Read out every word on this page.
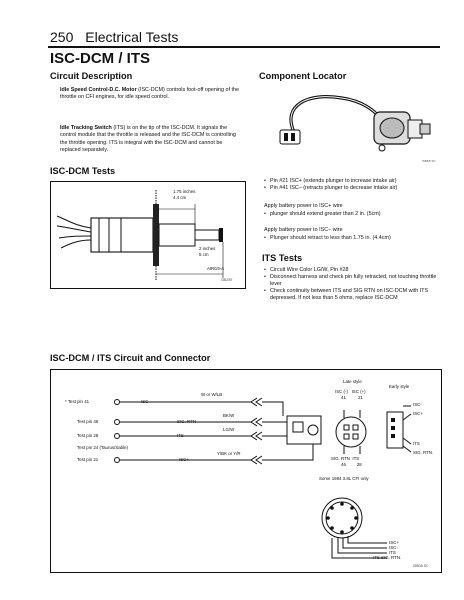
250 Electrical Tests
ISC-DCM / ITS
Circuit Description
Idle Speed Control-D.C. Motor (ISC-DCM) controls foot-off opening of the throttle on CFI engines, for idle speed control.
Idle Tracking Switch (ITS) is on the tip of the ISC-DCM. It signals the control module that the throttle is released and the ISC-DCM is controlling the throttle opening. ITS is integral with the ISC-DCM and cannot be replaced separately.
Component Locator
ISBD5 SC
ISC-DCM Tests
1.75 inches
4.4 cm
2 inches
5 cm
A9919-A
I3B2/5T
• Pin #21 ISC+ (extends plunger to increase intake air)
• Pin #41 ISC– (retracts plunger to decrease intake air)
Apply battery power to ISC+ wire
• plunger should extend greater than 2 in. (5cm)
Apply battery power to ISC– wire
• Plunger should retract to less than 1.75 in. (4.4cm)
ITS Tests
• Circuit Wire Color LG/W, Pin #28
• Disconnect harness and check pin fully retracted, not touching throttle lever
• Check continuity between ITS and SIG RTN on ISC-DCM with ITS depressed. If not less than 5 ohms, replace ISC-DCM
ISC-DCM / ITS Circuit and Connector
* Test pin 41	ISC-
W or W/LB
Test pin 46	SIG. RTN
BK/W
Test pin 28	ITS
LG/W
Test pin 24 (Taurus/Sable)
Test pin 21	ISC+
Y/BK or Y/R
Late style
ISC (-)   ISC (+)
41          21
SIG. RTN  ITS
46         28
Early style
ISC-
ISC+
ITS
SIG. RTN.
Some 1984 3.8L CFI only
ISC+
ISC-
ITS
ITS SIG. RTN.
ISBD5 SC
